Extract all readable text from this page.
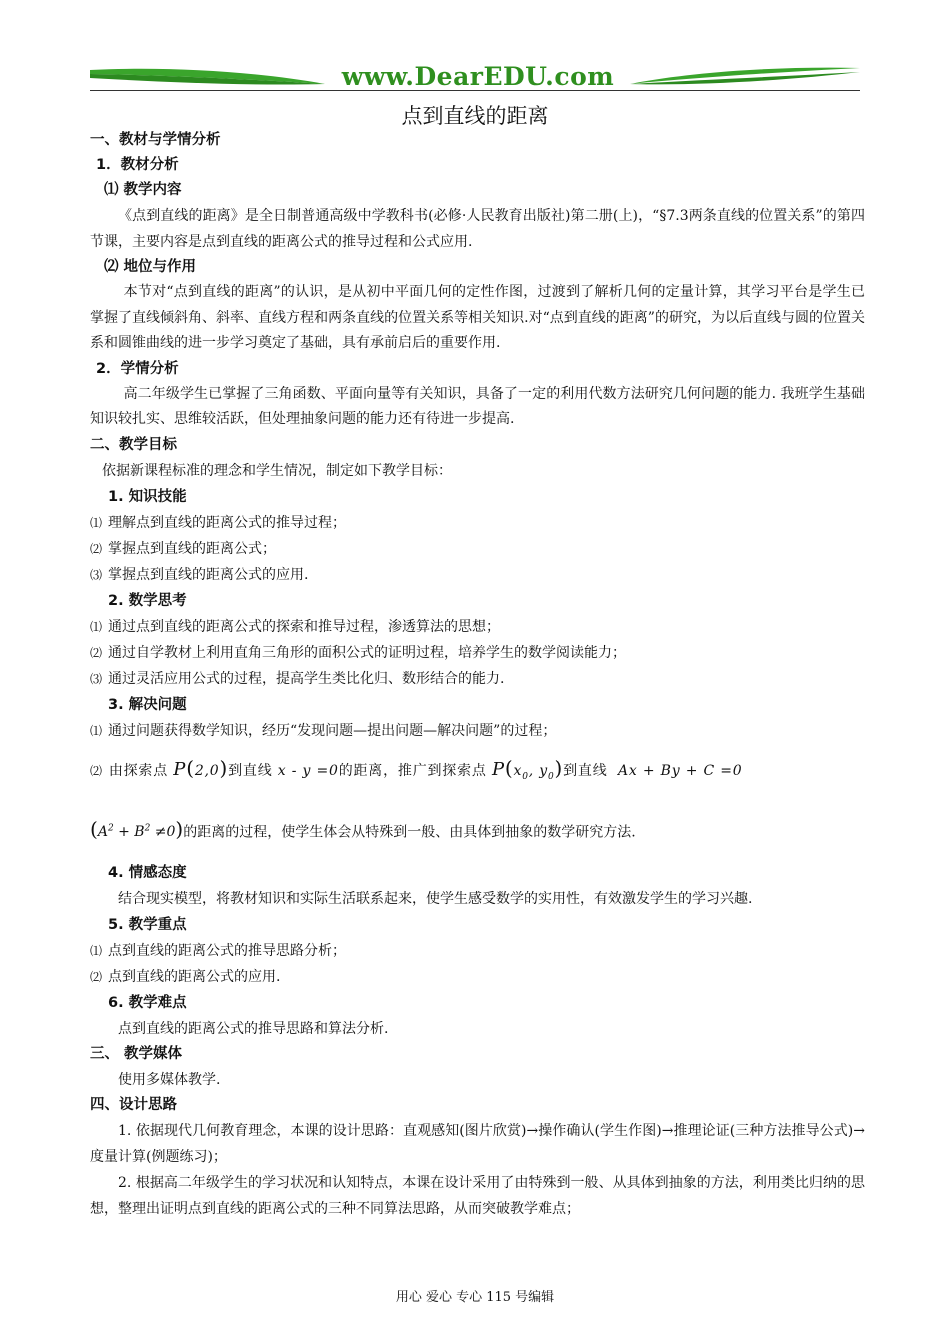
www.DearEDU.com
点到直线的距离
一、教材与学情分析
1．教材分析
⑴ 教学内容

《点到直线的距离》是全日制普通高级中学教科书(必修·人民教育出版社)第二册(上)，“§7.3两条直线的位置关系”的第四节课，主要内容是点到直线的距离公式的推导过程和公式应用.

⑵ 地位与作用

本节对“点到直线的距离”的认识，是从初中平面几何的定性作图，过渡到了解析几何的定量计算，其学习平台是学生已掌握了直线倾斜角、斜率、直线方程和两条直线的位置关系等相关知识.对“点到直线的距离”的研究，为以后直线与圆的位置关系和圆锥曲线的进一步学习奠定了基础，具有承前启后的重要作用.

2．学情分析

高二年级学生已掌握了三角函数、平面向量等有关知识，具备了一定的利用代数方法研究几何问题的能力. 我班学生基础知识较扎实、思维较活跃，但处理抽象问题的能力还有待进一步提高.

二、教学目标
依据新课程标准的理念和学生情况，制定如下教学目标：
1. 知识技能
⑴ 理解点到直线的距离公式的推导过程；
⑵ 掌握点到直线的距离公式；
⑶ 掌握点到直线的距离公式的应用.
2. 数学思考
⑴ 通过点到直线的距离公式的探索和推导过程，渗透算法的思想；
⑵ 通过自学教材上利用直角三角形的面积公式的证明过程，培养学生的数学阅读能力；
⑶ 通过灵活应用公式的过程，提高学生类比化归、数形结合的能力.
3. 解决问题
⑴ 通过问题获得数学知识，经历“发现问题—提出问题—解决问题”的过程；
⑵ 由探索点 P(2,0)到直线 x - y =0的距离，推广到探索点 $P(x_0$, $y_0$)到直线  Ax + By + C =0
$(A^2 + B^2 \ne 0)$的距离的过程，使学生体会从特殊到一般、由具体到抽象的数学研究方法.
4. 情感态度

结合现实模型，将教材知识和实际生活联系起来，使学生感受数学的实用性，有效激发学生的学习兴趣.

5. 教学重点
⑴ 点到直线的距离公式的推导思路分析；
⑵ 点到直线的距离公式的应用.
6. 教学难点

点到直线的距离公式的推导思路和算法分析.

三、 教学媒体

使用多媒体教学.

四、设计思路

1. 依据现代几何教育理念，本课的设计思路：直观感知(图片欣赏)→操作确认(学生作图)→推理论证(三种方法推导公式)→度量计算(例题练习)；

2. 根据高二年级学生的学习状况和认知特点，本课在设计采用了由特殊到一般、从具体到抽象的方法，利用类比归纳的思想，整理出证明点到直线的距离公式的三种不同算法思路，从而突破教学难点；

用心 爱心 专心 115 号编辑
